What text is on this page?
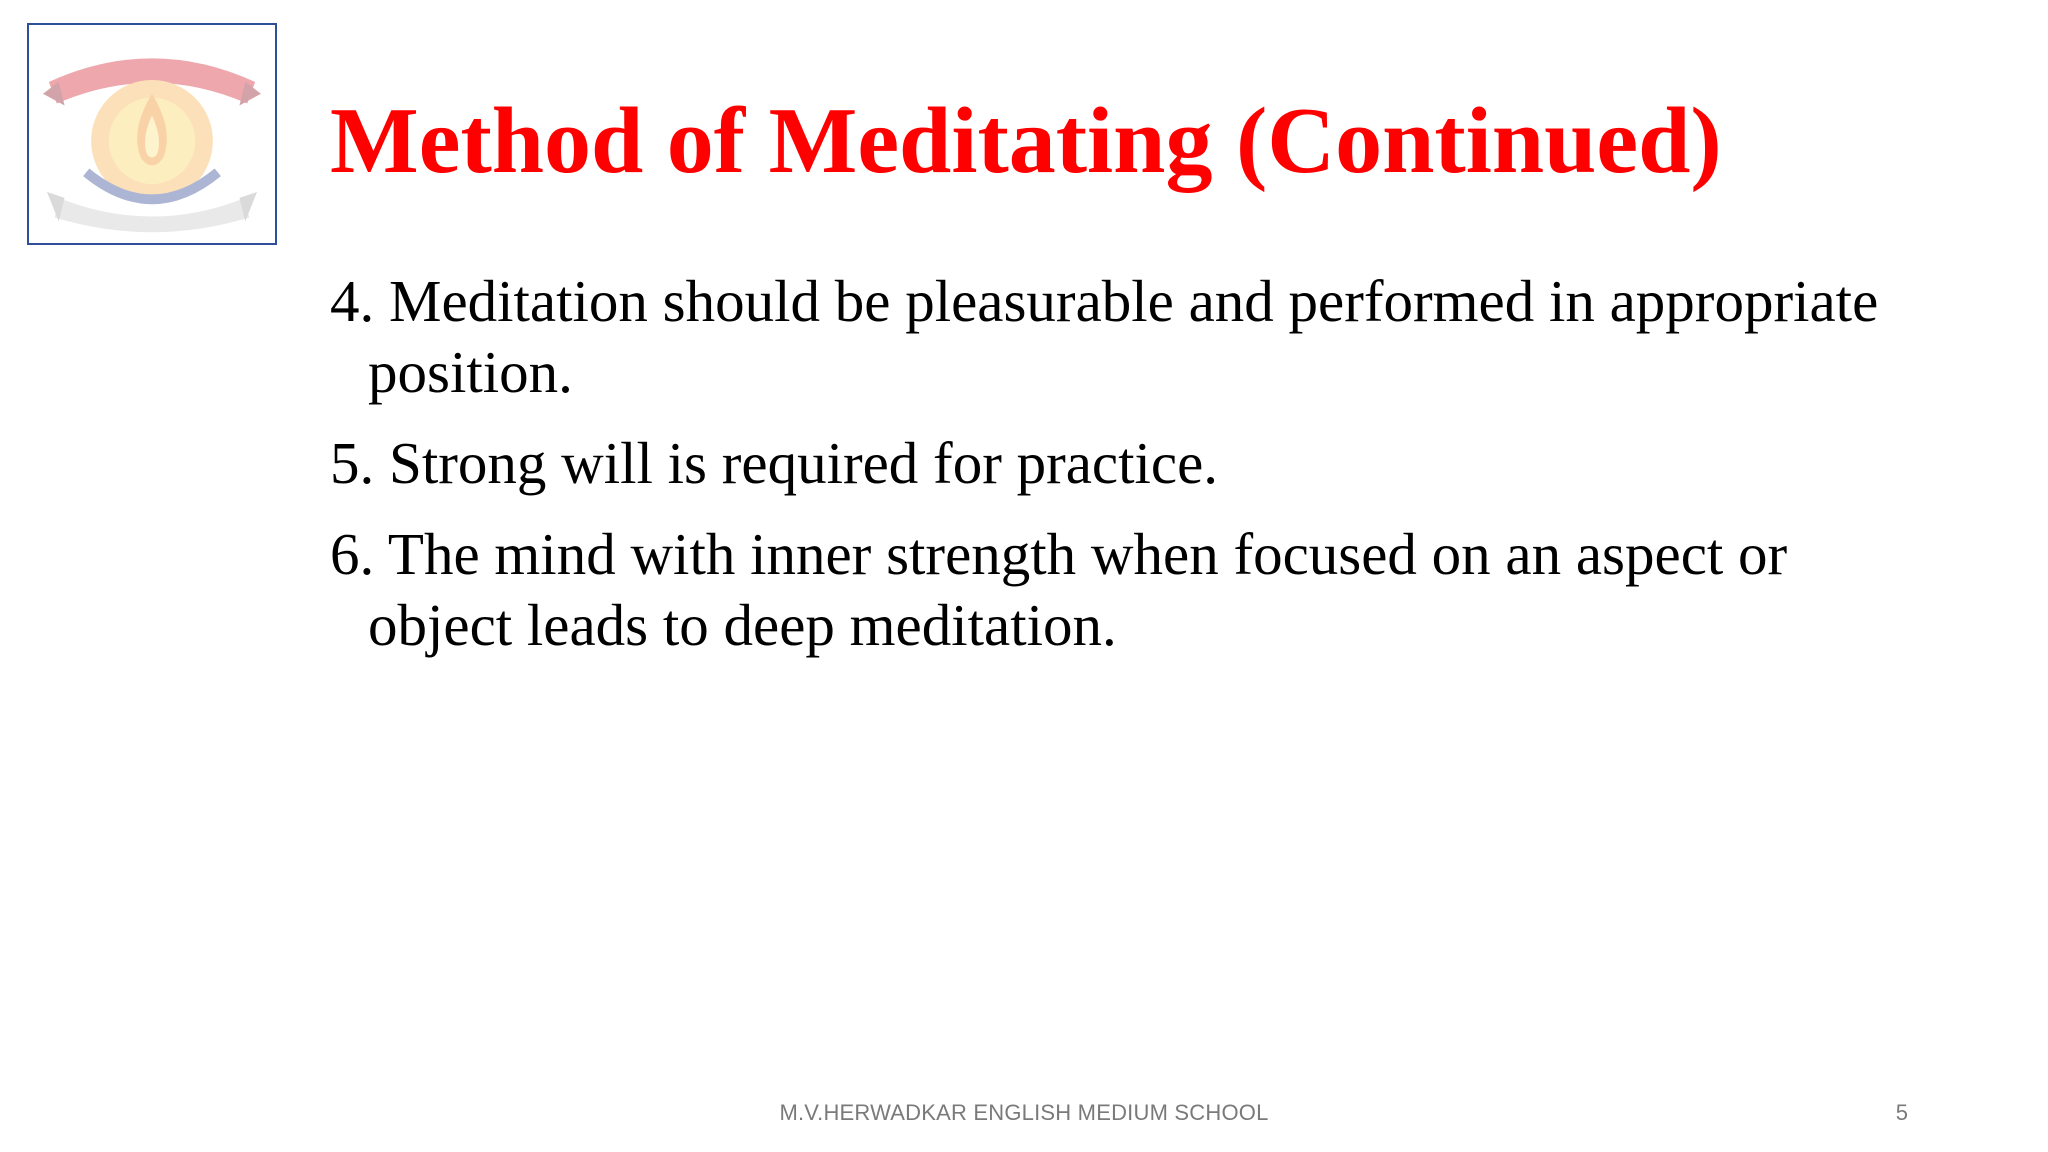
Method of Meditating (Continued)
4. Meditation should be pleasurable and performed in appropriate position.
5. Strong will is required for practice.
6. The mind with inner strength when focused on an aspect or object leads to deep meditation.
M.V.HERWADKAR ENGLISH MEDIUM SCHOOL	5
